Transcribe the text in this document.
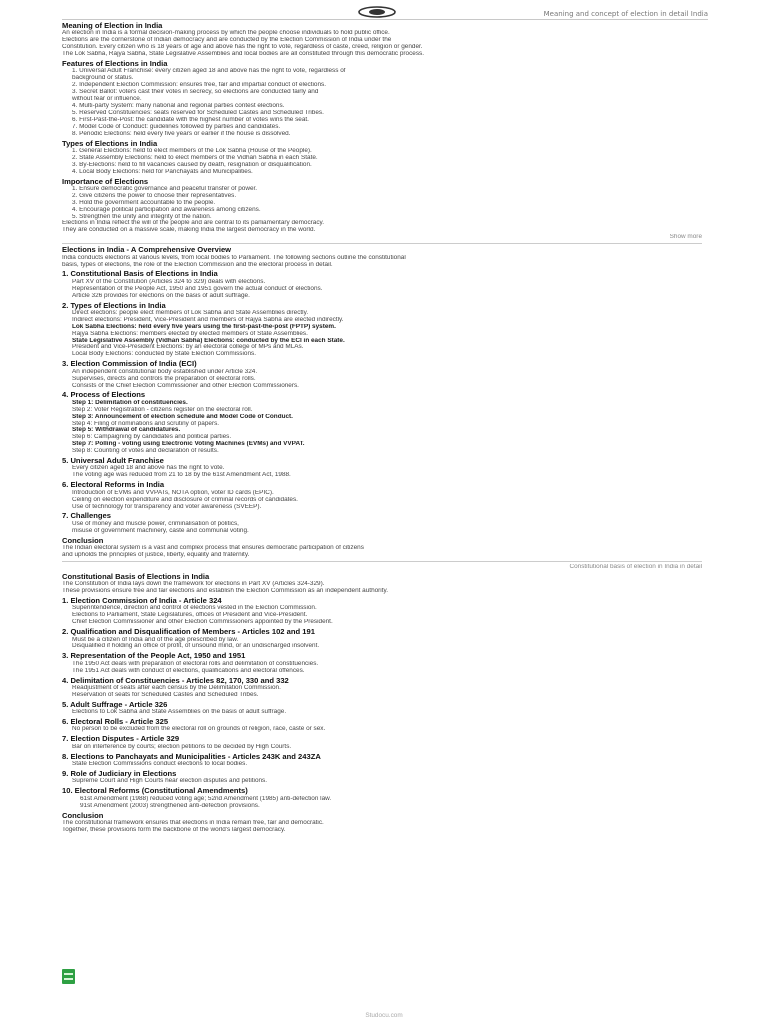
Meaning and concept of election in detail India
Meaning of Election in India
An election in India is a formal decision-making process by which the people choose individuals to hold public office.
Elections are the cornerstone of Indian democracy and are conducted by the Election Commission of India under the
Constitution. Every citizen who is 18 years of age and above has the right to vote, regardless of caste, creed, religion or gender.
The Lok Sabha, Rajya Sabha, State Legislative Assemblies and local bodies are all constituted through this democratic process.
Features of Elections in India
1. Universal Adult Franchise: every citizen aged 18 and above has the right to vote, regardless of
background or status.
2. Independent Election Commission: ensures free, fair and impartial conduct of elections.
3. Secret Ballot: voters cast their votes in secrecy, so elections are conducted fairly and
without fear or influence.
4. Multi-party System: many national and regional parties contest elections.
5. Reserved Constituencies: seats reserved for Scheduled Castes and Scheduled Tribes.
6. First-Past-the-Post: the candidate with the highest number of votes wins the seat.
7. Model Code of Conduct: guidelines followed by parties and candidates.
8. Periodic Elections: held every five years or earlier if the house is dissolved.
Types of Elections in India
1. General Elections: held to elect members of the Lok Sabha (House of the People).
2. State Assembly Elections: held to elect members of the Vidhan Sabha in each State.
3. By-Elections: held to fill vacancies caused by death, resignation or disqualification.
4. Local Body Elections: held for Panchayats and Municipalities.
Importance of Elections
1. Ensure democratic governance and peaceful transfer of power.
2. Give citizens the power to choose their representatives.
3. Hold the government accountable to the people.
4. Encourage political participation and awareness among citizens.
5. Strengthen the unity and integrity of the nation.
Elections in India reflect the will of the people and are central to its parliamentary democracy.
They are conducted on a massive scale, making India the largest democracy in the world.
Show more
Elections in India - A Comprehensive Overview
India conducts elections at various levels, from local bodies to Parliament. The following sections outline the constitutional
basis, types of elections, the role of the Election Commission and the electoral process in detail.
1. Constitutional Basis of Elections in India
Part XV of the Constitution (Articles 324 to 329) deals with elections.
Representation of the People Act, 1950 and 1951 govern the actual conduct of elections.
Article 326 provides for elections on the basis of adult suffrage.
2. Types of Elections in India
Direct elections: people elect members of Lok Sabha and State Assemblies directly.
Indirect elections: President, Vice-President and members of Rajya Sabha are elected indirectly.
Lok Sabha Elections: held every five years using the first-past-the-post (FPTP) system.
Rajya Sabha Elections: members elected by elected members of State Assemblies.
State Legislative Assembly (Vidhan Sabha) Elections: conducted by the ECI in each State.
President and Vice-President Elections: by an electoral college of MPs and MLAs.
Local Body Elections: conducted by State Election Commissions.
3. Election Commission of India (ECI)
An independent constitutional body established under Article 324.
Supervises, directs and controls the preparation of electoral rolls.
Consists of the Chief Election Commissioner and other Election Commissioners.
4. Process of Elections
Step 1: Delimitation of constituencies.
Step 2: Voter Registration - citizens register on the electoral roll.
Step 3: Announcement of election schedule and Model Code of Conduct.
Step 4: Filing of nominations and scrutiny of papers.
Step 5: Withdrawal of candidatures.
Step 6: Campaigning by candidates and political parties.
Step 7: Polling - voting using Electronic Voting Machines (EVMs) and VVPAT.
Step 8: Counting of votes and declaration of results.
5. Universal Adult Franchise
Every citizen aged 18 and above has the right to vote.
The voting age was reduced from 21 to 18 by the 61st Amendment Act, 1988.
6. Electoral Reforms in India
Introduction of EVMs and VVPATs, NOTA option, voter ID cards (EPIC).
Ceiling on election expenditure and disclosure of criminal records of candidates.
Use of technology for transparency and voter awareness (SVEEP).
7. Challenges
Use of money and muscle power, criminalisation of politics,
misuse of government machinery, caste and communal voting.
Conclusion
The Indian electoral system is a vast and complex process that ensures democratic participation of citizens
and upholds the principles of justice, liberty, equality and fraternity.
Constitutional basis of election in India in detail
Constitutional Basis of Elections in India
The Constitution of India lays down the framework for elections in Part XV (Articles 324-329).
These provisions ensure free and fair elections and establish the Election Commission as an independent authority.
1. Election Commission of India - Article 324
Superintendence, direction and control of elections vested in the Election Commission.
Elections to Parliament, State Legislatures, offices of President and Vice-President.
Chief Election Commissioner and other Election Commissioners appointed by the President.
2. Qualification and Disqualification of Members - Articles 102 and 191
Must be a citizen of India and of the age prescribed by law.
Disqualified if holding an office of profit, of unsound mind, or an undischarged insolvent.
3. Representation of the People Act, 1950 and 1951
The 1950 Act deals with preparation of electoral rolls and delimitation of constituencies.
The 1951 Act deals with conduct of elections, qualifications and electoral offences.
4. Delimitation of Constituencies - Articles 82, 170, 330 and 332
Readjustment of seats after each census by the Delimitation Commission.
Reservation of seats for Scheduled Castes and Scheduled Tribes.
5. Adult Suffrage - Article 326
Elections to Lok Sabha and State Assemblies on the basis of adult suffrage.
6. Electoral Rolls - Article 325
No person to be excluded from the electoral roll on grounds of religion, race, caste or sex.
7. Election Disputes - Article 329
Bar on interference by courts; election petitions to be decided by High Courts.
8. Elections to Panchayats and Municipalities - Articles 243K and 243ZA
State Election Commissions conduct elections to local bodies.
9. Role of Judiciary in Elections
Supreme Court and High Courts hear election disputes and petitions.
10. Electoral Reforms (Constitutional Amendments)
61st Amendment (1988) reduced voting age; 52nd Amendment (1985) anti-defection law.
91st Amendment (2003) strengthened anti-defection provisions.
Conclusion
The constitutional framework ensures that elections in India remain free, fair and democratic.
Together, these provisions form the backbone of the world's largest democracy.
Studocu.com
